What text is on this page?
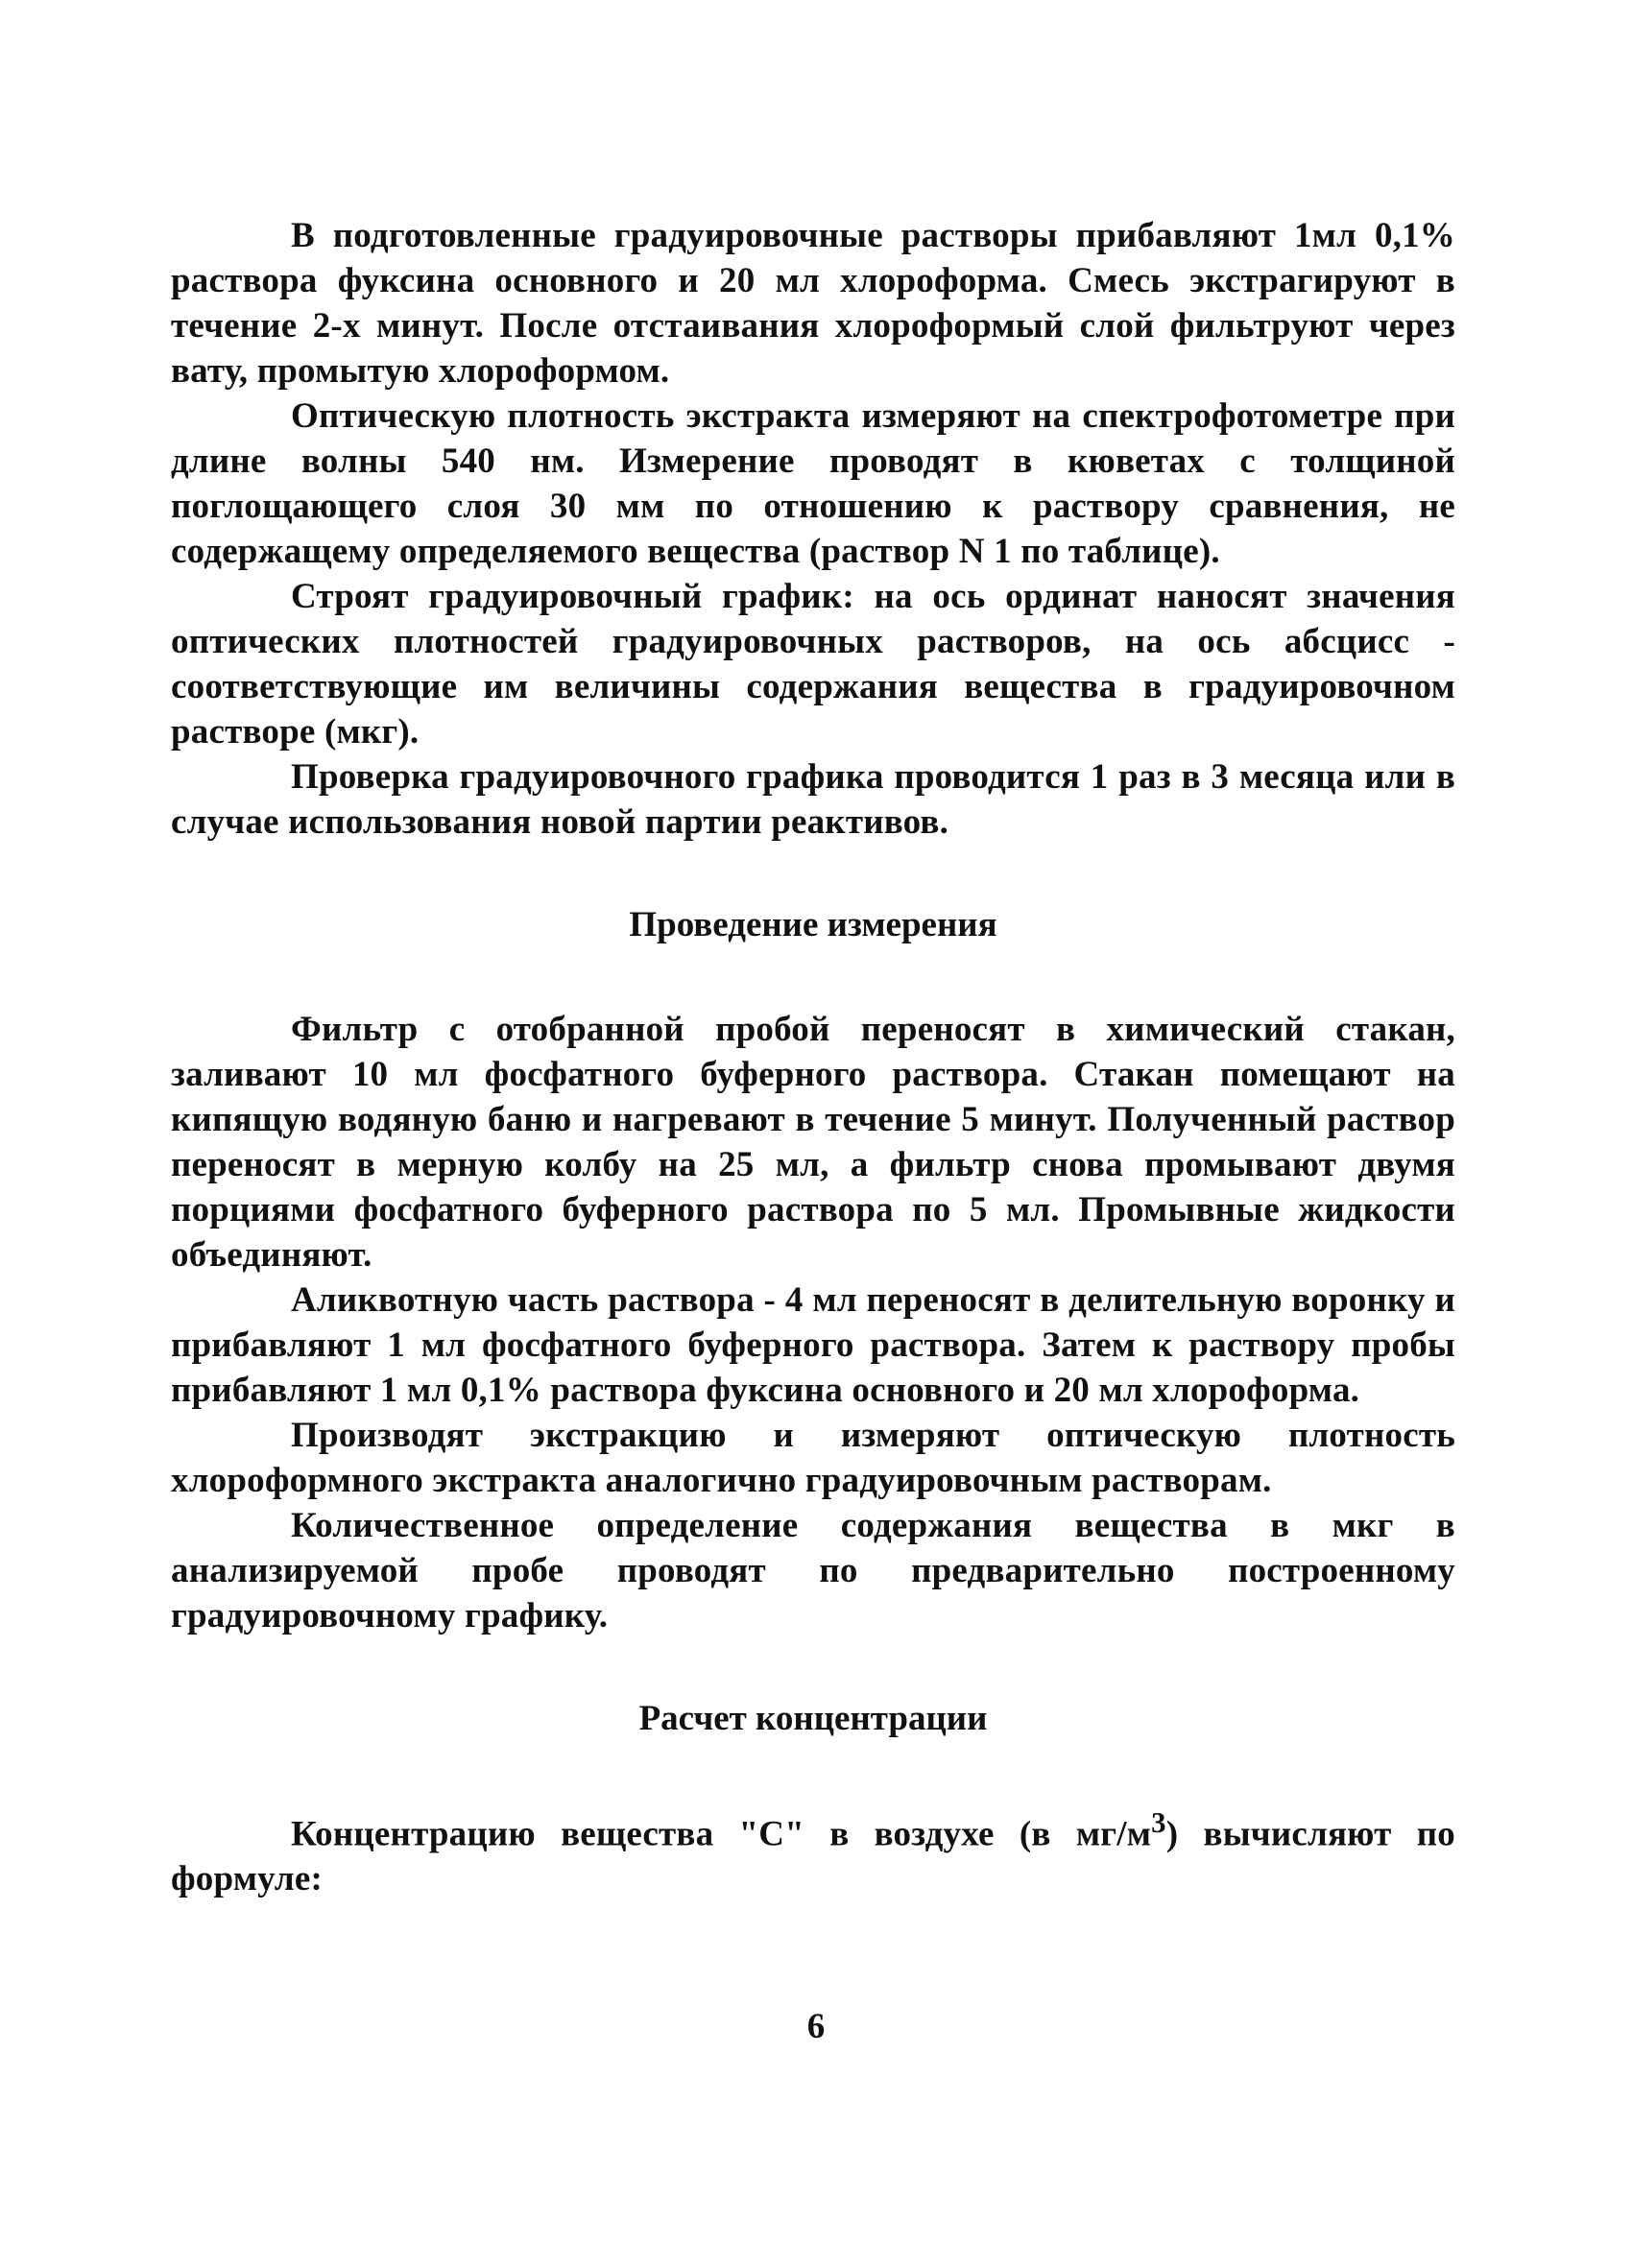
В подготовленные градуировочные растворы прибавляют 1мл 0,1% раствора фуксина основного и 20 мл хлороформа. Смесь экстрагируют в течение 2-х минут. После отстаивания хлороформый слой фильтруют через вату, промытую хлороформом.

Оптическую плотность экстракта измеряют на спектрофотометре при длине волны 540 нм. Измерение проводят в кюветах с толщиной поглощающего слоя 30 мм по отношению к раствору сравнения, не содержащему определяемого вещества (раствор N 1 по таблице).

Строят градуировочный график: на ось ординат наносят значения оптических плотностей градуировочных растворов, на ось абсцисс - соответствующие им величины содержания вещества в градуировочном растворе (мкг).

Проверка градуировочного графика проводится 1 раз в 3 месяца или в случае использования новой партии реактивов.

Проведение измерения

Фильтр с отобранной пробой переносят в химический стакан, заливают 10 мл фосфатного буферного раствора. Стакан помещают на кипящую водяную баню и нагревают в течение 5 минут. Полученный раствор переносят в мерную колбу на 25 мл, а фильтр снова промывают двумя порциями фосфатного буферного раствора по 5 мл. Промывные жидкости объединяют.

Аликвотную часть раствора - 4 мл переносят в делительную воронку и прибавляют 1 мл фосфатного буферного раствора. Затем к раствору пробы прибавляют 1 мл 0,1% раствора фуксина основного и 20 мл хлороформа.

Производят экстракцию и измеряют оптическую плотность хлороформного экстракта аналогично градуировочным растворам.

Количественное определение содержания вещества в мкг в анализируемой пробе проводят по предварительно построенному градуировочному графику.

Расчет концентрации

Концентрацию вещества "С" в воздухе (в $мг/м^3$) вычисляют по формуле:

6
